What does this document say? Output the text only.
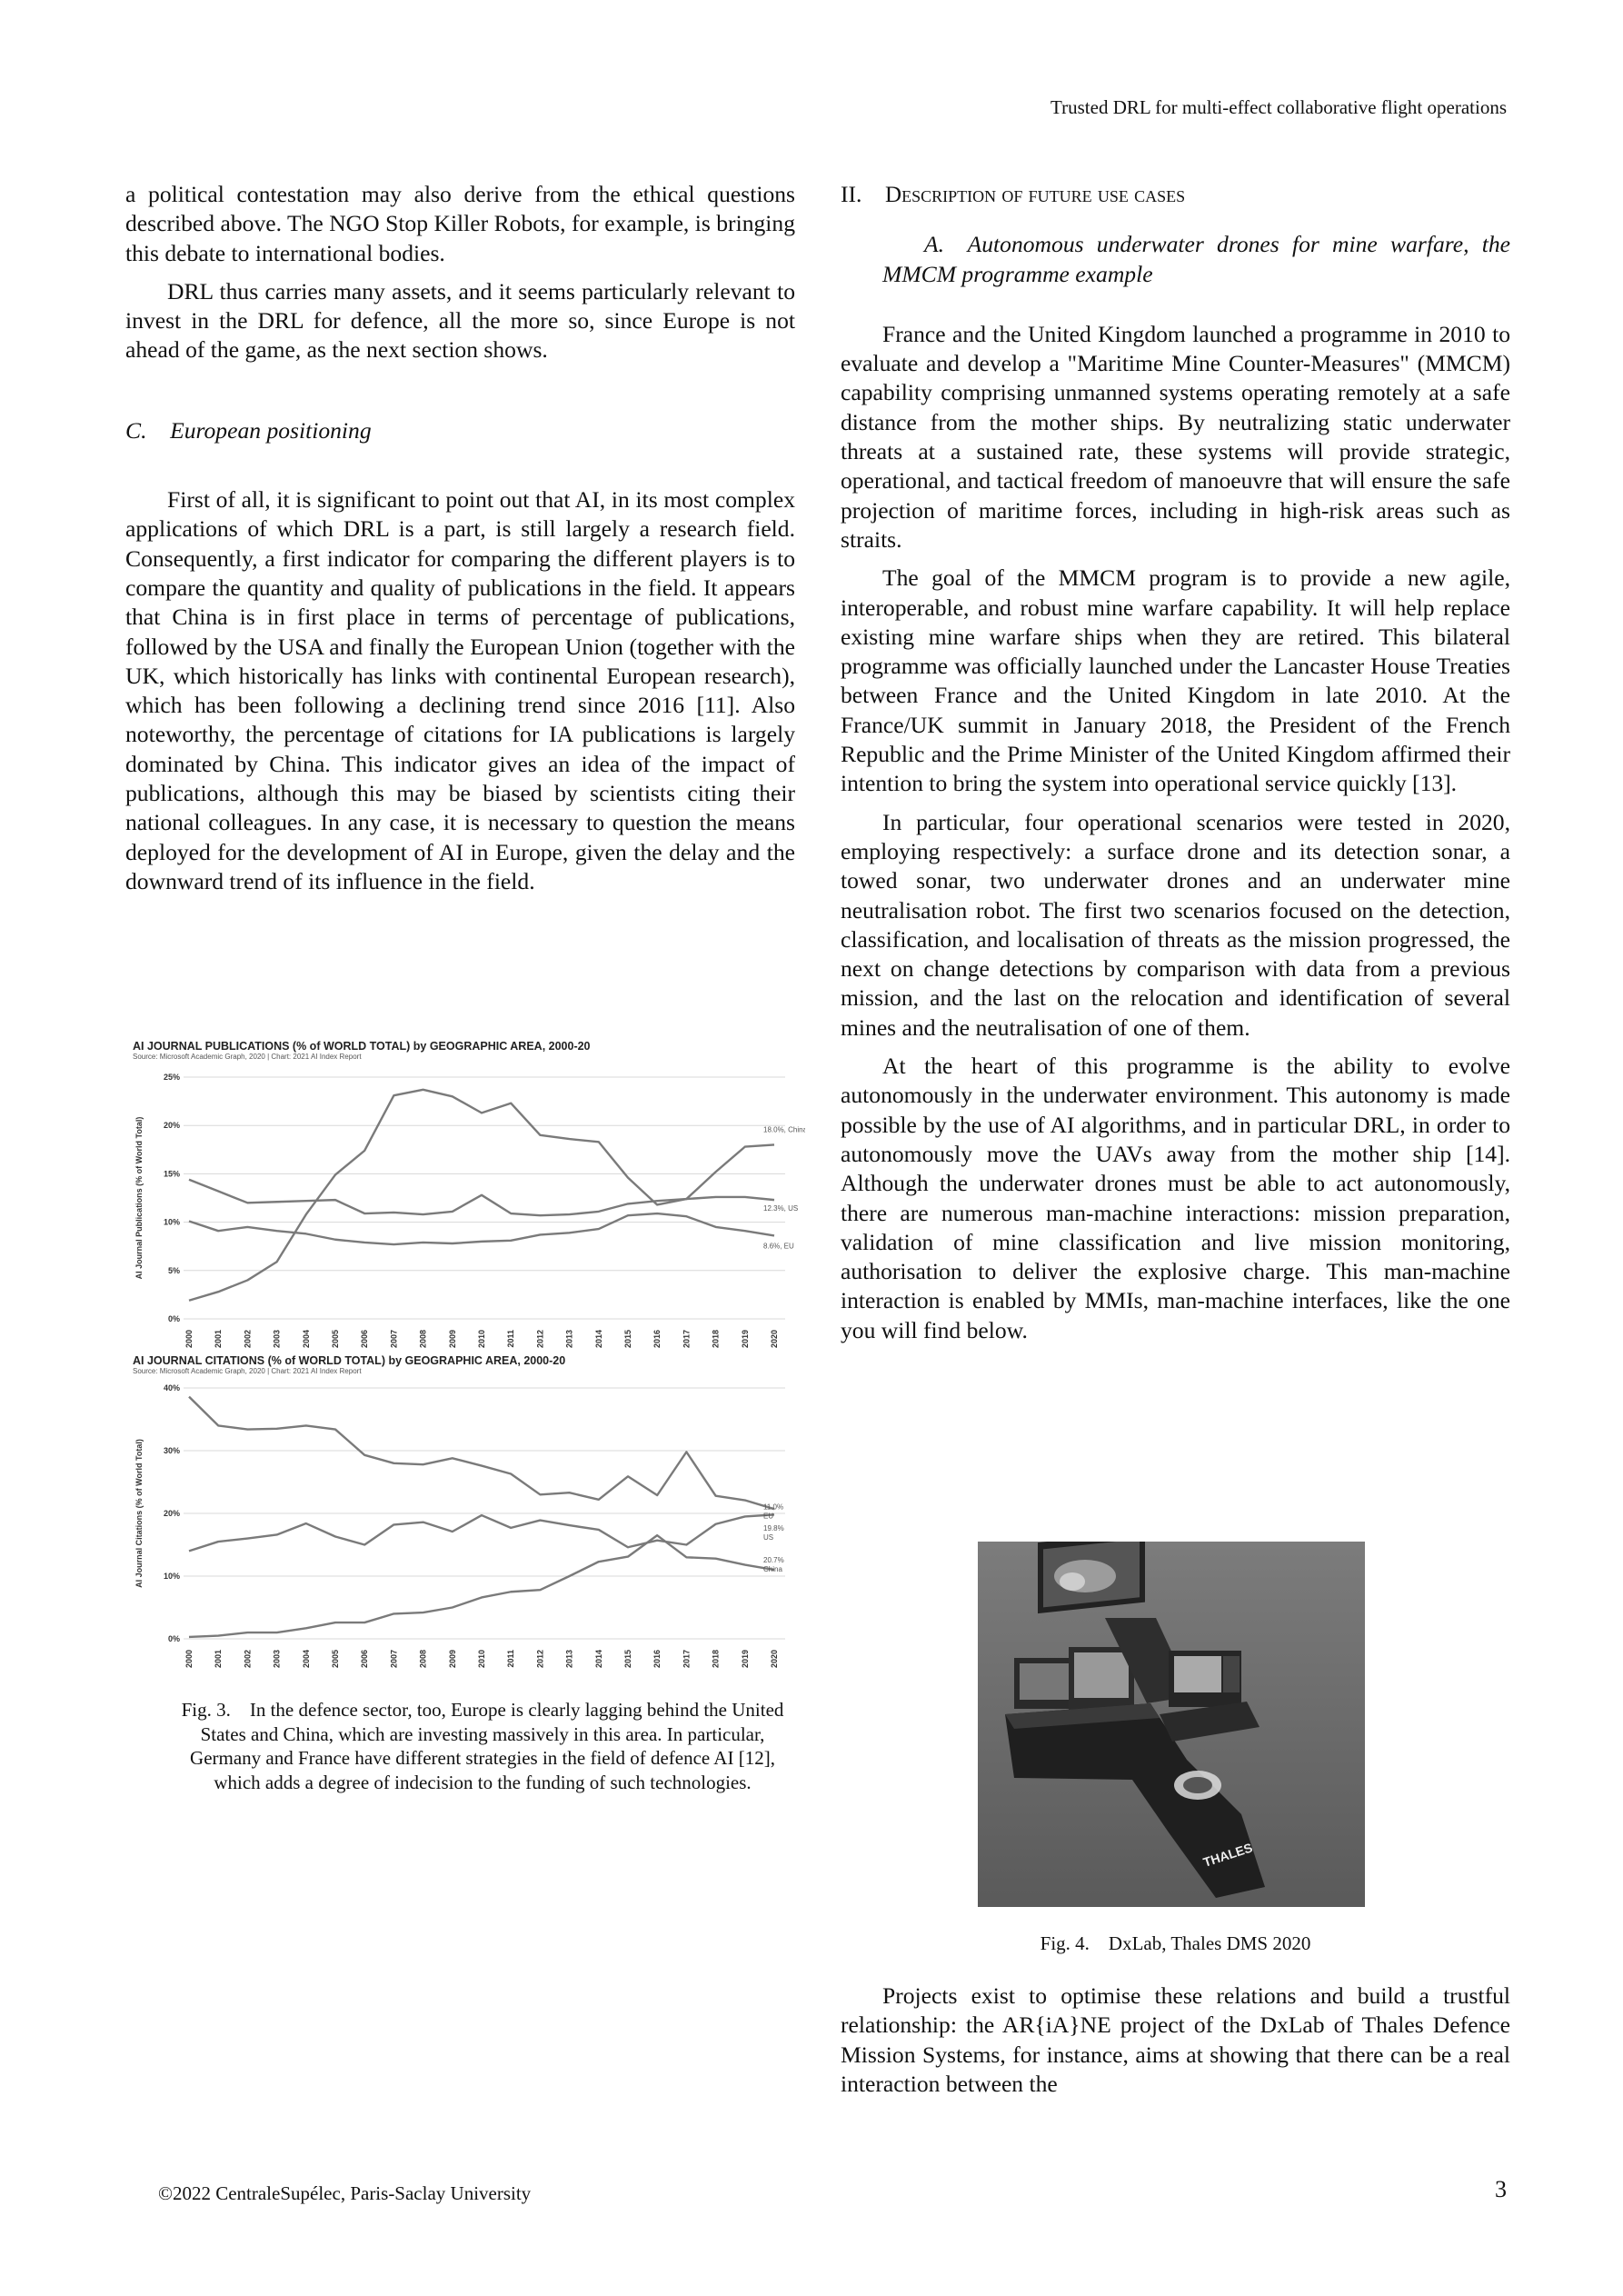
Trusted DRL for multi-effect collaborative flight operations

a political contestation may also derive from the ethical questions described above. The NGO Stop Killer Robots, for example, is bringing this debate to international bodies.

DRL thus carries many assets, and it seems particularly relevant to invest in the DRL for defence, all the more so, since Europe is not ahead of the game, as the next section shows.

C. European positioning

First of all, it is significant to point out that AI, in its most complex applications of which DRL is a part, is still largely a research field. Consequently, a first indicator for comparing the different players is to compare the quantity and quality of publications in the field. It appears that China is in first place in terms of percentage of publications, followed by the USA and finally the European Union (together with the UK, which historically has links with continental European research), which has been following a declining trend since 2016 [11]. Also noteworthy, the percentage of citations for IA publications is largely dominated by China. This indicator gives an idea of the impact of publications, although this may be biased by scientists citing their national colleagues. In any case, it is necessary to question the means deployed for the development of AI in Europe, given the delay and the downward trend of its influence in the field.

AI JOURNAL PUBLICATIONS (% of WORLD TOTAL) by GEOGRAPHIC AREA, 2000-20
Source: Microsoft Academic Graph, 2020 | Chart: 2021 AI Index Report
AI Journal Publications (% of World Total)
0%
5%
10%
15%
20%
25%
2000 2001 2002 2003 2004 2005 2006 2007 2008 2009 2010 2011 2012 2013 2014 2015 2016 2017 2018 2019 2020
18.0%, China
12.3%, US
8.6%, EU
AI JOURNAL CITATIONS (% of WORLD TOTAL) by GEOGRAPHIC AREA, 2000-20
Source: Microsoft Academic Graph, 2020 | Chart: 2021 AI Index Report
AI Journal Citations (% of World Total)
0%
10%
20%
30%
40%
2000 2001 2002 2003 2004 2005 2006 2007 2008 2009 2010 2011 2012 2013 2014 2015 2016 2017 2018 2019 2020
20.7%
China
19.8%
US
11.0%
EU
Fig. 3. In the defence sector, too, Europe is clearly lagging behind the United States and China, which are investing massively in this area. In particular, Germany and France have different strategies in the field of defence AI [12], which adds a degree of indecision to the funding of such technologies.

II.  Description of future use cases

A. Autonomous underwater drones for mine warfare, the MMCM programme example

France and the United Kingdom launched a programme in 2010 to evaluate and develop a "Maritime Mine Counter-Measures" (MMCM) capability comprising unmanned systems operating remotely at a safe distance from the mother ships. By neutralizing static underwater threats at a sustained rate, these systems will provide strategic, operational, and tactical freedom of manoeuvre that will ensure the safe projection of maritime forces, including in high-risk areas such as straits.

The goal of the MMCM program is to provide a new agile, interoperable, and robust mine warfare capability. It will help replace existing mine warfare ships when they are retired. This bilateral programme was officially launched under the Lancaster House Treaties between France and the United Kingdom in late 2010. At the France/UK summit in January 2018, the President of the French Republic and the Prime Minister of the United Kingdom affirmed their intention to bring the system into operational service quickly [13].

In particular, four operational scenarios were tested in 2020, employing respectively: a surface drone and its detection sonar, a towed sonar, two underwater drones and an underwater mine neutralisation robot. The first two scenarios focused on the detection, classification, and localisation of threats as the mission progressed, the next on change detections by comparison with data from a previous mission, and the last on the relocation and identification of several mines and the neutralisation of one of them.

At the heart of this programme is the ability to evolve autonomously in the underwater environment. This autonomy is made possible by the use of AI algorithms, and in particular DRL, in order to autonomously move the UAVs away from the mother ship [14]. Although the underwater drones must be able to act autonomously, there are numerous man-machine interactions: mission preparation, validation of mine classification and live mission monitoring, authorisation to deliver the explosive charge. This man-machine interaction is enabled by MMIs, man-machine interfaces, like the one you will find below.

THALES
Fig. 4. DxLab, Thales DMS 2020

Projects exist to optimise these relations and build a trustful relationship: the AR{iA}NE project of the DxLab of Thales Defence Mission Systems, for instance, aims at showing that there can be a real interaction between the

©2022 CentraleSupélec, Paris-Saclay University	3
